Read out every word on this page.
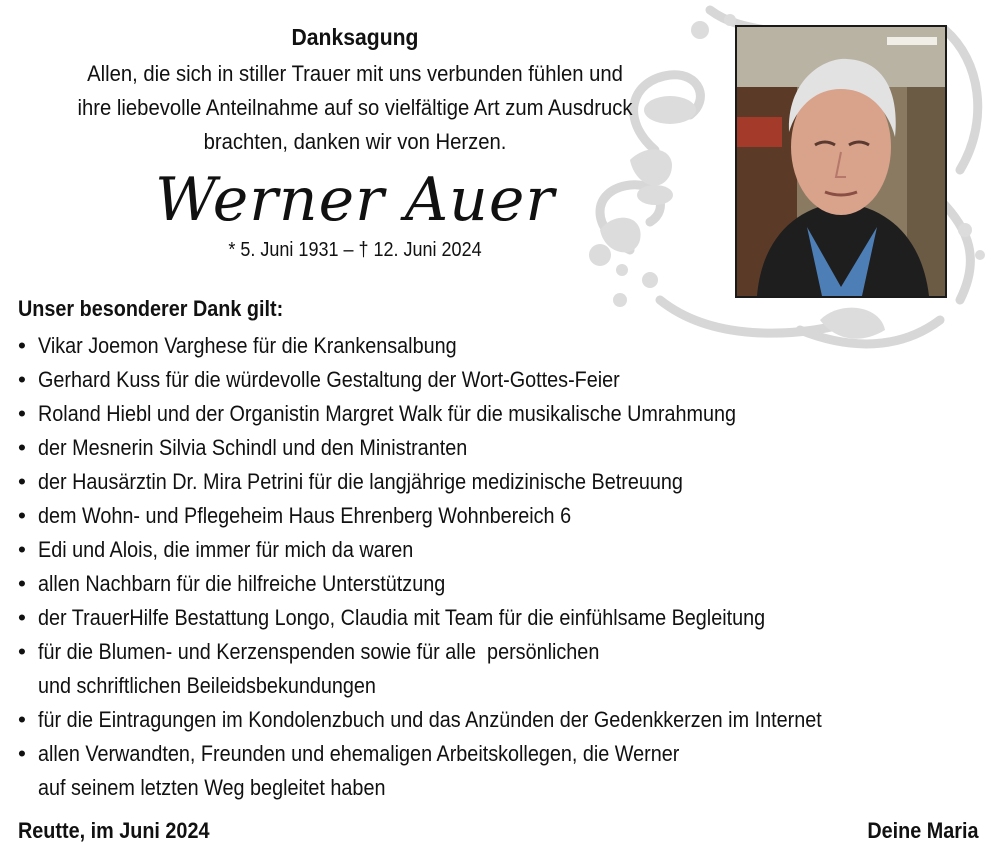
Danksagung

Allen, die sich in stiller Trauer mit uns verbunden fühlen und

ihre liebevolle Anteilnahme auf so vielfältige Art zum Ausdruck

brachten, danken wir von Herzen.

Werner Auer

* 5. Juni 1931 – † 12. Juni 2024

Unser besonderer Dank gilt:

• Vikar Joemon Varghese für die Krankensalbung
• Gerhard Kuss für die würdevolle Gestaltung der Wort-Gottes-Feier
• Roland Hiebl und der Organistin Margret Walk für die musikalische Umrahmung
• der Mesnerin Silvia Schindl und den Ministranten
• der Hausärztin Dr. Mira Petrini für die langjährige medizinische Betreuung
• dem Wohn- und Pflegeheim Haus Ehrenberg Wohnbereich 6
• Edi und Alois, die immer für mich da waren
• allen Nachbarn für die hilfreiche Unterstützung
• der TrauerHilfe Bestattung Longo, Claudia mit Team für die einfühlsame Begleitung
• für die Blumen- und Kerzenspenden sowie für alle  persönlichen
und schriftlichen Beileidsbekundungen
• für die Eintragungen im Kondolenzbuch und das Anzünden der Gedenkkerzen im Internet
• allen Verwandten, Freunden und ehemaligen Arbeitskollegen, die Werner
auf seinem letzten Weg begleitet haben
Reutte, im Juni 2024	Deine Maria
